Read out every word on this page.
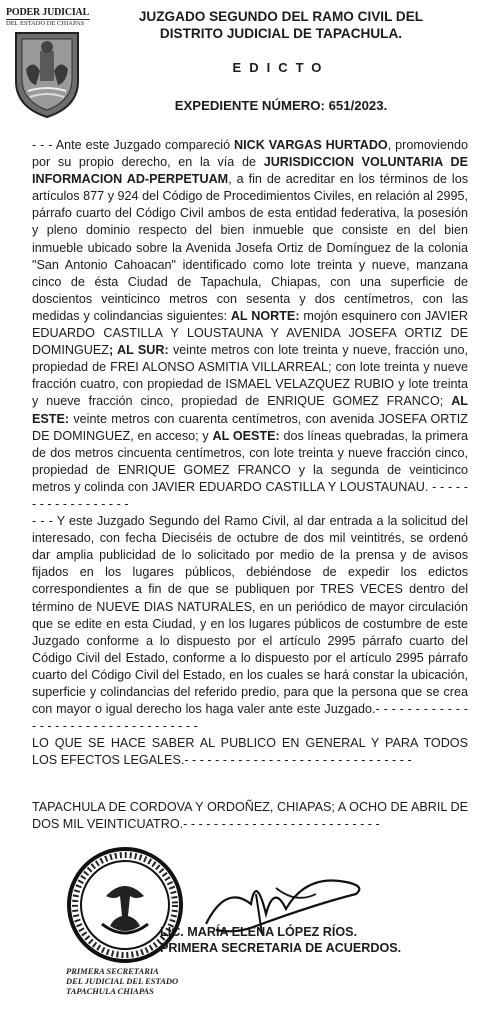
PODER JUDICIAL
DEL ESTADO DE CHIAPAS	JUZGADO SEGUNDO DEL RAMO CIVIL DEL
DISTRITO JUDICIAL DE TAPACHULA.
EDICTO
EXPEDIENTE NÚMERO: 651/2023.

- - - Ante este Juzgado compareció NICK VARGAS HURTADO, promoviendo por su propio derecho, en la vía de JURISDICCION VOLUNTARIA DE INFORMACION AD-PERPETUAM, a fin de acreditar en los términos de los artículos 877 y 924 del Código de Procedimientos Civiles, en relación al 2995, párrafo cuarto del Código Civil ambos de esta entidad federativa, la posesión y pleno dominio respecto del bien inmueble que consiste en del bien inmueble ubicado sobre la Avenida Josefa Ortiz de Domínguez de la colonia "San Antonio Cahoacan" identificado como lote treinta y nueve, manzana cinco de ésta Ciudad de Tapachula, Chiapas, con una superficie de doscientos veinticinco metros con sesenta y dos centímetros, con las medidas y colindancias siguientes: AL NORTE: mojón esquinero con JAVIER EDUARDO CASTILLA Y LOUSTAUNA Y AVENIDA JOSEFA ORTIZ DE DOMINGUEZ; AL SUR: veinte metros con lote treinta y nueve, fracción uno, propiedad de FREI ALONSO ASMITIA VILLARREAL; con lote treinta y nueve fracción cuatro, con propiedad de ISMAEL VELAZQUEZ RUBIO y lote treinta y nueve fracción cinco, propiedad de ENRIQUE GOMEZ FRANCO; AL ESTE: veinte metros con cuarenta centímetros, con avenida JOSEFA ORTIZ DE DOMINGUEZ, en acceso; y AL OESTE: dos líneas quebradas, la primera de dos metros cincuenta centímetros, con lote treinta y nueve fracción cinco, propiedad de ENRIQUE GOMEZ FRANCO y la segunda de veinticinco metros y colinda con JAVIER EDUARDO CASTILLA Y LOUSTAUNAU. - - - - - - - - - - - - - - - - - -

- - - Y este Juzgado Segundo del Ramo Civil, al dar entrada a la solicitud del interesado, con fecha Dieciséis de octubre de dos mil veintitrés, se ordenó dar amplia publicidad de lo solicitado por medio de la prensa y de avisos fijados en los lugares públicos, debiéndose de expedir los edictos correspondientes a fin de que se publiquen por TRES VECES dentro del término de NUEVE DIAS NATURALES, en un periódico de mayor circulación que se edite en esta Ciudad, y en los lugares públicos de costumbre de este Juzgado conforme a lo dispuesto por el artículo 2995 párrafo cuarto del Código Civil del Estado, conforme a lo dispuesto por el artículo 2995 párrafo cuarto del Código Civil del Estado, en los cuales se hará constar la ubicación, superficie y colindancias del referido predio, para que la persona que se crea con mayor o igual derecho los haga valer ante este Juzgado.- - - - - - - - - - - - - - - - - - - - - - - - - - - - - - - - - -

LO QUE SE HACE SABER AL PUBLICO EN GENERAL Y PARA TODOS LOS EFECTOS LEGALES.- - - - - - - - - - - - - - - - - - - - - - - - - - - - - -

TAPACHULA DE CORDOVA Y ORDOÑEZ, CHIAPAS; A OCHO DE ABRIL DE DOS MIL VEINTICUATRO.- - - - - - - - - - - - - - - - - - - - - - - - - -
PRIMERA SECRETARIA
DEL JUDICIAL DEL ESTADO
TAPACHULA CHIAPAS
LIC. MARÍA ELENA LÓPEZ RÍOS.
PRIMERA SECRETARIA DE ACUERDOS.
